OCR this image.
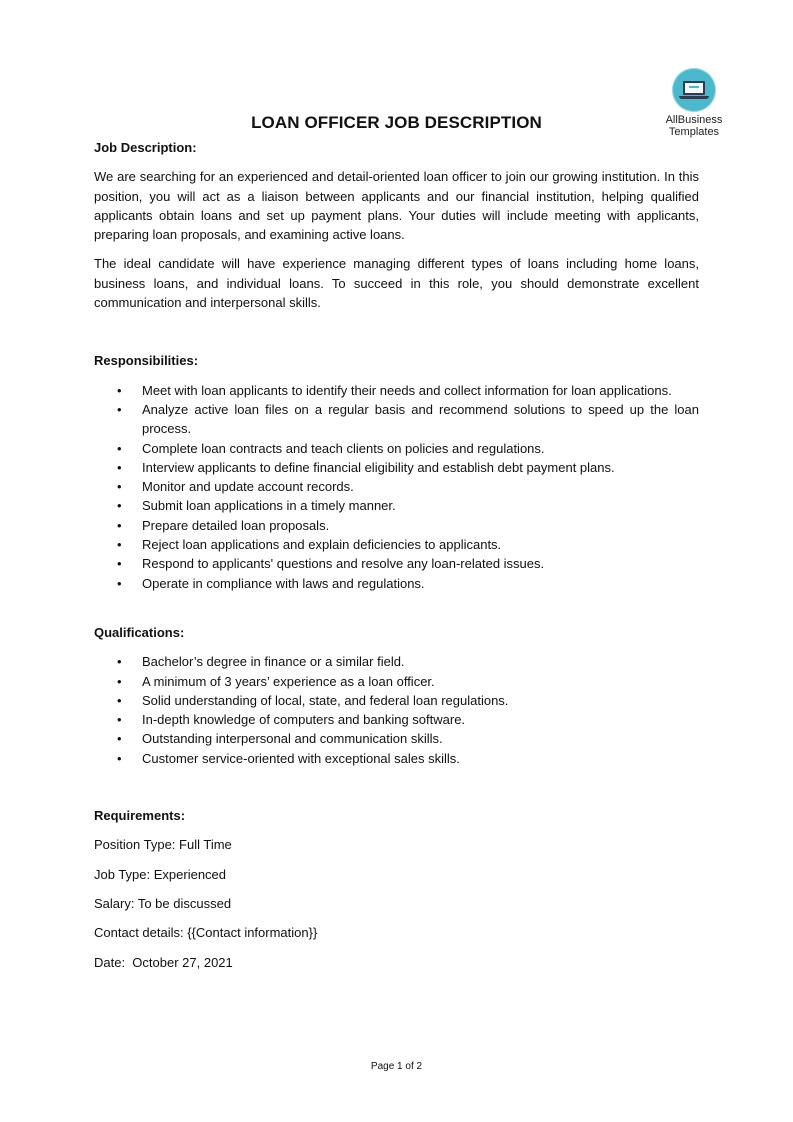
AllBusiness
Templates
LOAN OFFICER JOB DESCRIPTION

Job Description:

We are searching for an experienced and detail-oriented loan officer to join our growing institution. In this position, you will act as a liaison between applicants and our financial institution, helping qualified applicants obtain loans and set up payment plans. Your duties will include meeting with applicants, preparing loan proposals, and examining active loans.

The ideal candidate will have experience managing different types of loans including home loans, business loans, and individual loans. To succeed in this role, you should demonstrate excellent communication and interpersonal skills.

Responsibilities:

• Meet with loan applicants to identify their needs and collect information for loan applications.
• Analyze active loan files on a regular basis and recommend solutions to speed up the loan process.
• Complete loan contracts and teach clients on policies and regulations.
• Interview applicants to define financial eligibility and establish debt payment plans.
• Monitor and update account records.
• Submit loan applications in a timely manner.
• Prepare detailed loan proposals.
• Reject loan applications and explain deficiencies to applicants.
• Respond to applicants' questions and resolve any loan-related issues.
• Operate in compliance with laws and regulations.

Qualifications:

• Bachelor’s degree in finance or a similar field.
• A minimum of 3 years’ experience as a loan officer.
• Solid understanding of local, state, and federal loan regulations.
• In-depth knowledge of computers and banking software.
• Outstanding interpersonal and communication skills.
• Customer service-oriented with exceptional sales skills.

Requirements:

Position Type: Full Time

Job Type: Experienced

Salary: To be discussed

Contact details: {{Contact information}}

Date:  October 27, 2021

Page 1 of 2
